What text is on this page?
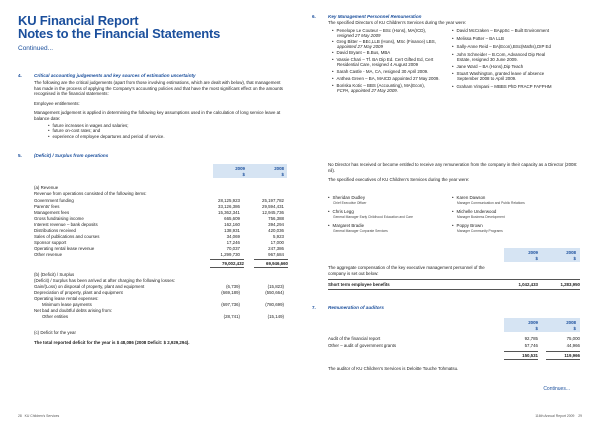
KU Financial Report
Notes to the Financial Statements
Continued...
4.	Critical accounting judgements and key sources of estimation uncertainty
The following are the critical judgements (apart from those involving estimations, which are dealt with below), that management has made in the process of applying the Company's accounting policies and that have the most significant effect on the amounts recognised in the financial statements:
Employee entitlements:
Management judgement is applied in determining the following key assumptions used in the calculation of long service leave at balance date:
• future increases in wages and salaries;
• future on-cost rates; and
• experience of employee departures and period of service.
5.	(Deficit) / Surplus from operations
2009
$
2008
$
(a) Revenue
Revenue from operations consisted of the following items:
Government funding	28,125,923	25,197,782
Parents' fees	33,126,386	29,594,431
Management fees	15,362,341	12,945,736
Gross fundraising income	665,609	756,388
Interest revenue – bank deposits	162,160	394,294
Distributions received	138,931	420,036
Sales of publications and courses	34,069	5,923
Sponsor support	17,246	17,000
Operating rental lease revenue	70,037	247,386
Other revenue	1,299,730	967,684
79,002,432	69,946,660
(b) (Deficit) / Surplus
(Deficit) / Surplus has been arrived at after charging the following losses:
Gain/(Loss) on disposal of property, plant and equipment	(6,739)	(15,823)
Depreciation of property, plant and equipment	(669,189)	(550,664)
Operating lease rental expenses:
Minimum lease payments	(697,736)	(780,699)
Net bad and doubtful debts arising from:
Other entities	(28,741)	(15,149)
(c) Deficit for the year
The total reported deficit for the year is $ 48,086 (2008 Deficit: $ 2,929,294).
6.	Key Management Personnel Remuneration
The specified Directors of KU Children's Services during the year were:
• Penelope Le Couteur – BSc (Hons), MA(ICD),
resigned 27 May 2009
• Greg Bitter – BEc,LLB (Hons), MSc (Finance) LBS,
appointed 27 May 2009
• David Bryant – B.Bus, MBA
• Vassie Chari – Tf. BA Dip Ed. Cert Gifted Ed, Cert
Residential Care, resigned 4 August 2009
• Sarah Castle - MA, CA, resigned 30 April 2009.
• Anthea Green – BA, MAICD appointed 27 May 2009.
• Boriska Kotic – BBS (Accounting), MA(Econ),
FCPA, appointed 27 May 2009.
• David McCraken – BAppSc – Built Environment
• Melissa Potter – BA LLB
• Sally-Anne Reid – BA(Econ),BSc(Maths),DIP Ed
• John Schneider – B.Com, Advanced Dip Real
Estate, resigned 30 June 2009.
• Jane Ward – BA (Hons),Dip Teach
• Stuart Washington, granted leave of absence
September 2008 to April 2009.
• Graham Vimpani – MBBS PhD FRACP FAFPHM
No Director has received or become entitled to receive any remuneration from the company in their capacity as a Director (2008: nil).
The specified executives of KU Children's Services during the year were:
• Sheridan Dudley
Chief Executive Officer
• Karen Dawson
Manager Communication and Public Relations
• Chris Legg
General Manager Early Childhood Education and Care
• Michelle Underwood
Manager Business Development
• Margaret Bradie
General Manager Corporate Services
• Poppy Brown
Manager Community Programs
2009
$
2008
$
The aggregate compensation of the key executive management personnel of the company is set out below:
Short term employee benefits	1,042,433	1,283,950
7.	Remuneration of auditors
2009
$
2008
$
Audit of the financial report	92,785	75,000
Other – audit of government grants	57,746	44,966
150,531	119,966
The auditor of KU Children's Services is Deloitte Touche Tohmatsu.
Continues...
28 KU Children's Services	116th Annual Report 2009 29
